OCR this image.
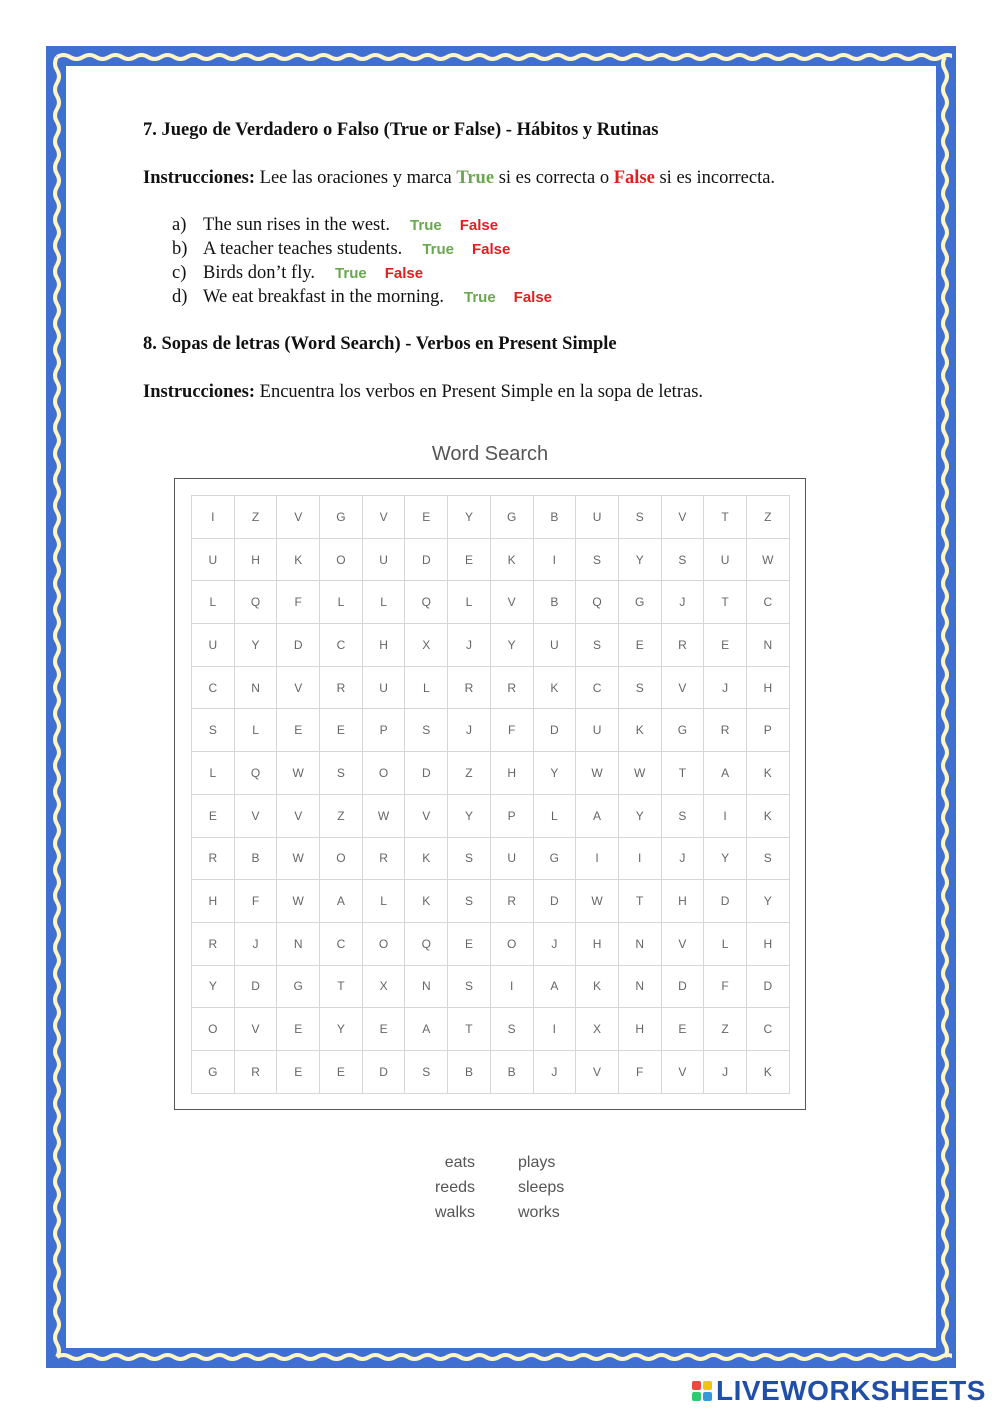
7. Juego de Verdadero o Falso (True or False) - Hábitos y Rutinas
Instrucciones: Lee las oraciones y marca True si es correcta o False si es incorrecta.
a) The sun rises in the west. True False
b) A teacher teaches students. True False
c) Birds don’t fly. True False
d) We eat breakfast in the morning. True False
8. Sopas de letras (Word Search) - Verbos en Present Simple
Instrucciones: Encuentra los verbos en Present Simple en la sopa de letras.
Word Search
I	Z	V	G	V	E	Y	G	B	U	S	V	T	Z
U	H	K	O	U	D	E	K	I	S	Y	S	U	W
L	Q	F	L	L	Q	L	V	B	Q	G	J	T	C
U	Y	D	C	H	X	J	Y	U	S	E	R	E	N
C	N	V	R	U	L	R	R	K	C	S	V	J	H
S	L	E	E	P	S	J	F	D	U	K	G	R	P
L	Q	W	S	O	D	Z	H	Y	W	W	T	A	K
E	V	V	Z	W	V	Y	P	L	A	Y	S	I	K
R	B	W	O	R	K	S	U	G	I	I	J	Y	S
H	F	W	A	L	K	S	R	D	W	T	H	D	Y
R	J	N	C	O	Q	E	O	J	H	N	V	L	H
Y	D	G	T	X	N	S	I	A	K	N	D	F	D
O	V	E	Y	E	A	T	S	I	X	H	E	Z	C
G	R	E	E	D	S	B	B	J	V	F	V	J	K
eats
reeds
walks
plays
sleeps
works
LIVEWORKSHEETS
